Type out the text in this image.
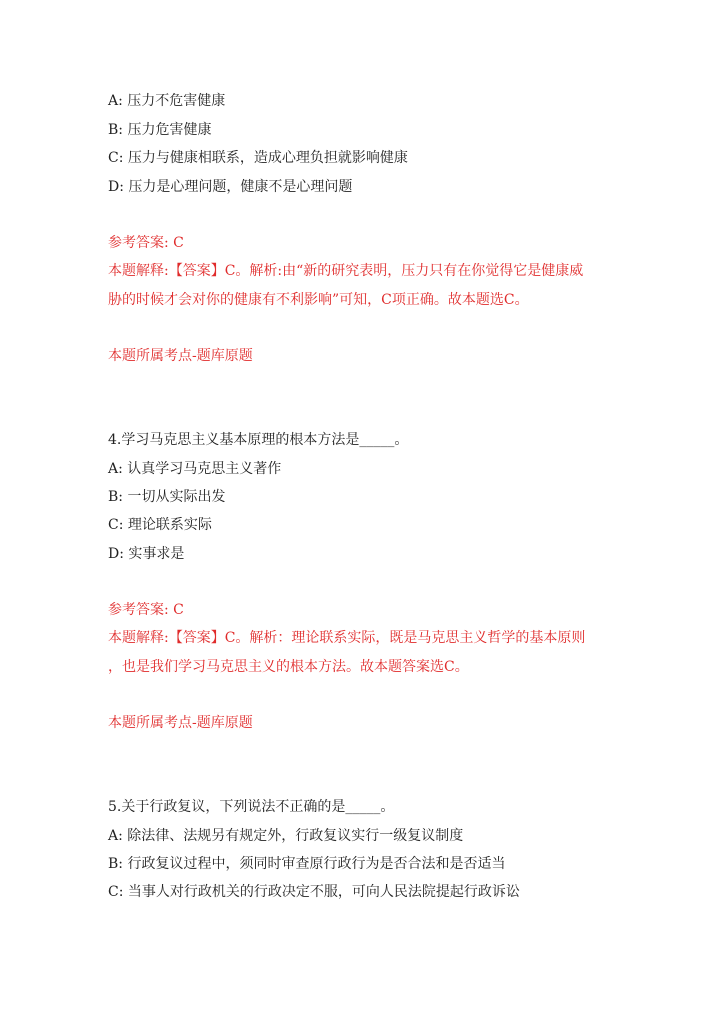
A: 压力不危害健康
B: 压力危害健康
C: 压力与健康相联系，造成心理负担就影响健康
D: 压力是心理问题，健康不是心理问题
参考答案: C
本题解释:【答案】C。解析:由“新的研究表明，压力只有在你觉得它是健康威
胁的时候才会对你的健康有不利影响”可知，C项正确。故本题选C。
本题所属考点-题库原题
4.学习马克思主义基本原理的根本方法是_____。
A: 认真学习马克思主义著作
B: 一切从实际出发
C: 理论联系实际
D: 实事求是
参考答案: C
本题解释:【答案】C。解析：理论联系实际，既是马克思主义哲学的基本原则
，也是我们学习马克思主义的根本方法。故本题答案选C。
本题所属考点-题库原题
5.关于行政复议，下列说法不正确的是_____。
A: 除法律、法规另有规定外，行政复议实行一级复议制度
B: 行政复议过程中，须同时审查原行政行为是否合法和是否适当
C: 当事人对行政机关的行政决定不服，可向人民法院提起行政诉讼
